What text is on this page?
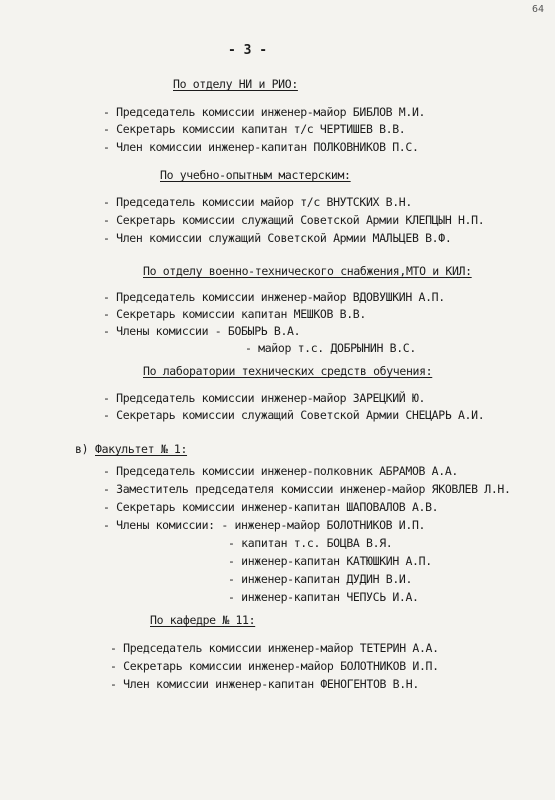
64
- 3 -
По отделу НИ и РИО:
- Председатель комиссии инженер-майор БИБЛОВ М.И.
- Секретарь комиссии капитан т/с ЧЕРТИШЕВ В.В.
- Член комиссии инженер-капитан ПОЛКОВНИКОВ П.С.
По учебно-опытным мастерским:
- Председатель комиссии майор т/с ВНУТСКИХ В.Н.
- Секретарь комиссии служащий Советской Армии КЛЕПЦЫН Н.П.
- Член комиссии служащий Советской Армии МАЛЬЦЕВ В.Ф.
По отделу военно-технического снабжения,МТО и КИЛ:
- Председатель комиссии инженер-майор ВДОВУШКИН А.П.
- Секретарь комиссии капитан МЕШКОВ В.В.
- Члены комиссии - БОБЫРЬ В.А.
- майор т.с. ДОБРЫНИН В.С.
По лаборатории технических средств обучения:
- Председатель комиссии инженер-майор ЗАРЕЦКИЙ Ю.
- Секретарь комиссии служащий Советской Армии СНЕЦАРЬ А.И.
в) Факультет № 1:
- Председатель комиссии инженер-полковник АБРАМОВ А.А.
- Заместитель председателя комиссии инженер-майор ЯКОВЛЕВ Л.Н.
- Секретарь комиссии инженер-капитан ШАПОВАЛОВ А.В.
- Члены комиссии: - инженер-майор БОЛОТНИКОВ И.П.
- капитан т.с. БОЦВА В.Я.
- инженер-капитан КАТЮШКИН А.П.
- инженер-капитан ДУДИН В.И.
- инженер-капитан ЧЕПУСЬ И.А.
По кафедре № 11:
- Председатель комиссии инженер-майор ТЕТЕРИН А.А.
- Секретарь комиссии инженер-майор БОЛОТНИКОВ И.П.
- Член комиссии инженер-капитан ФЕНОГЕНТОВ В.Н.
